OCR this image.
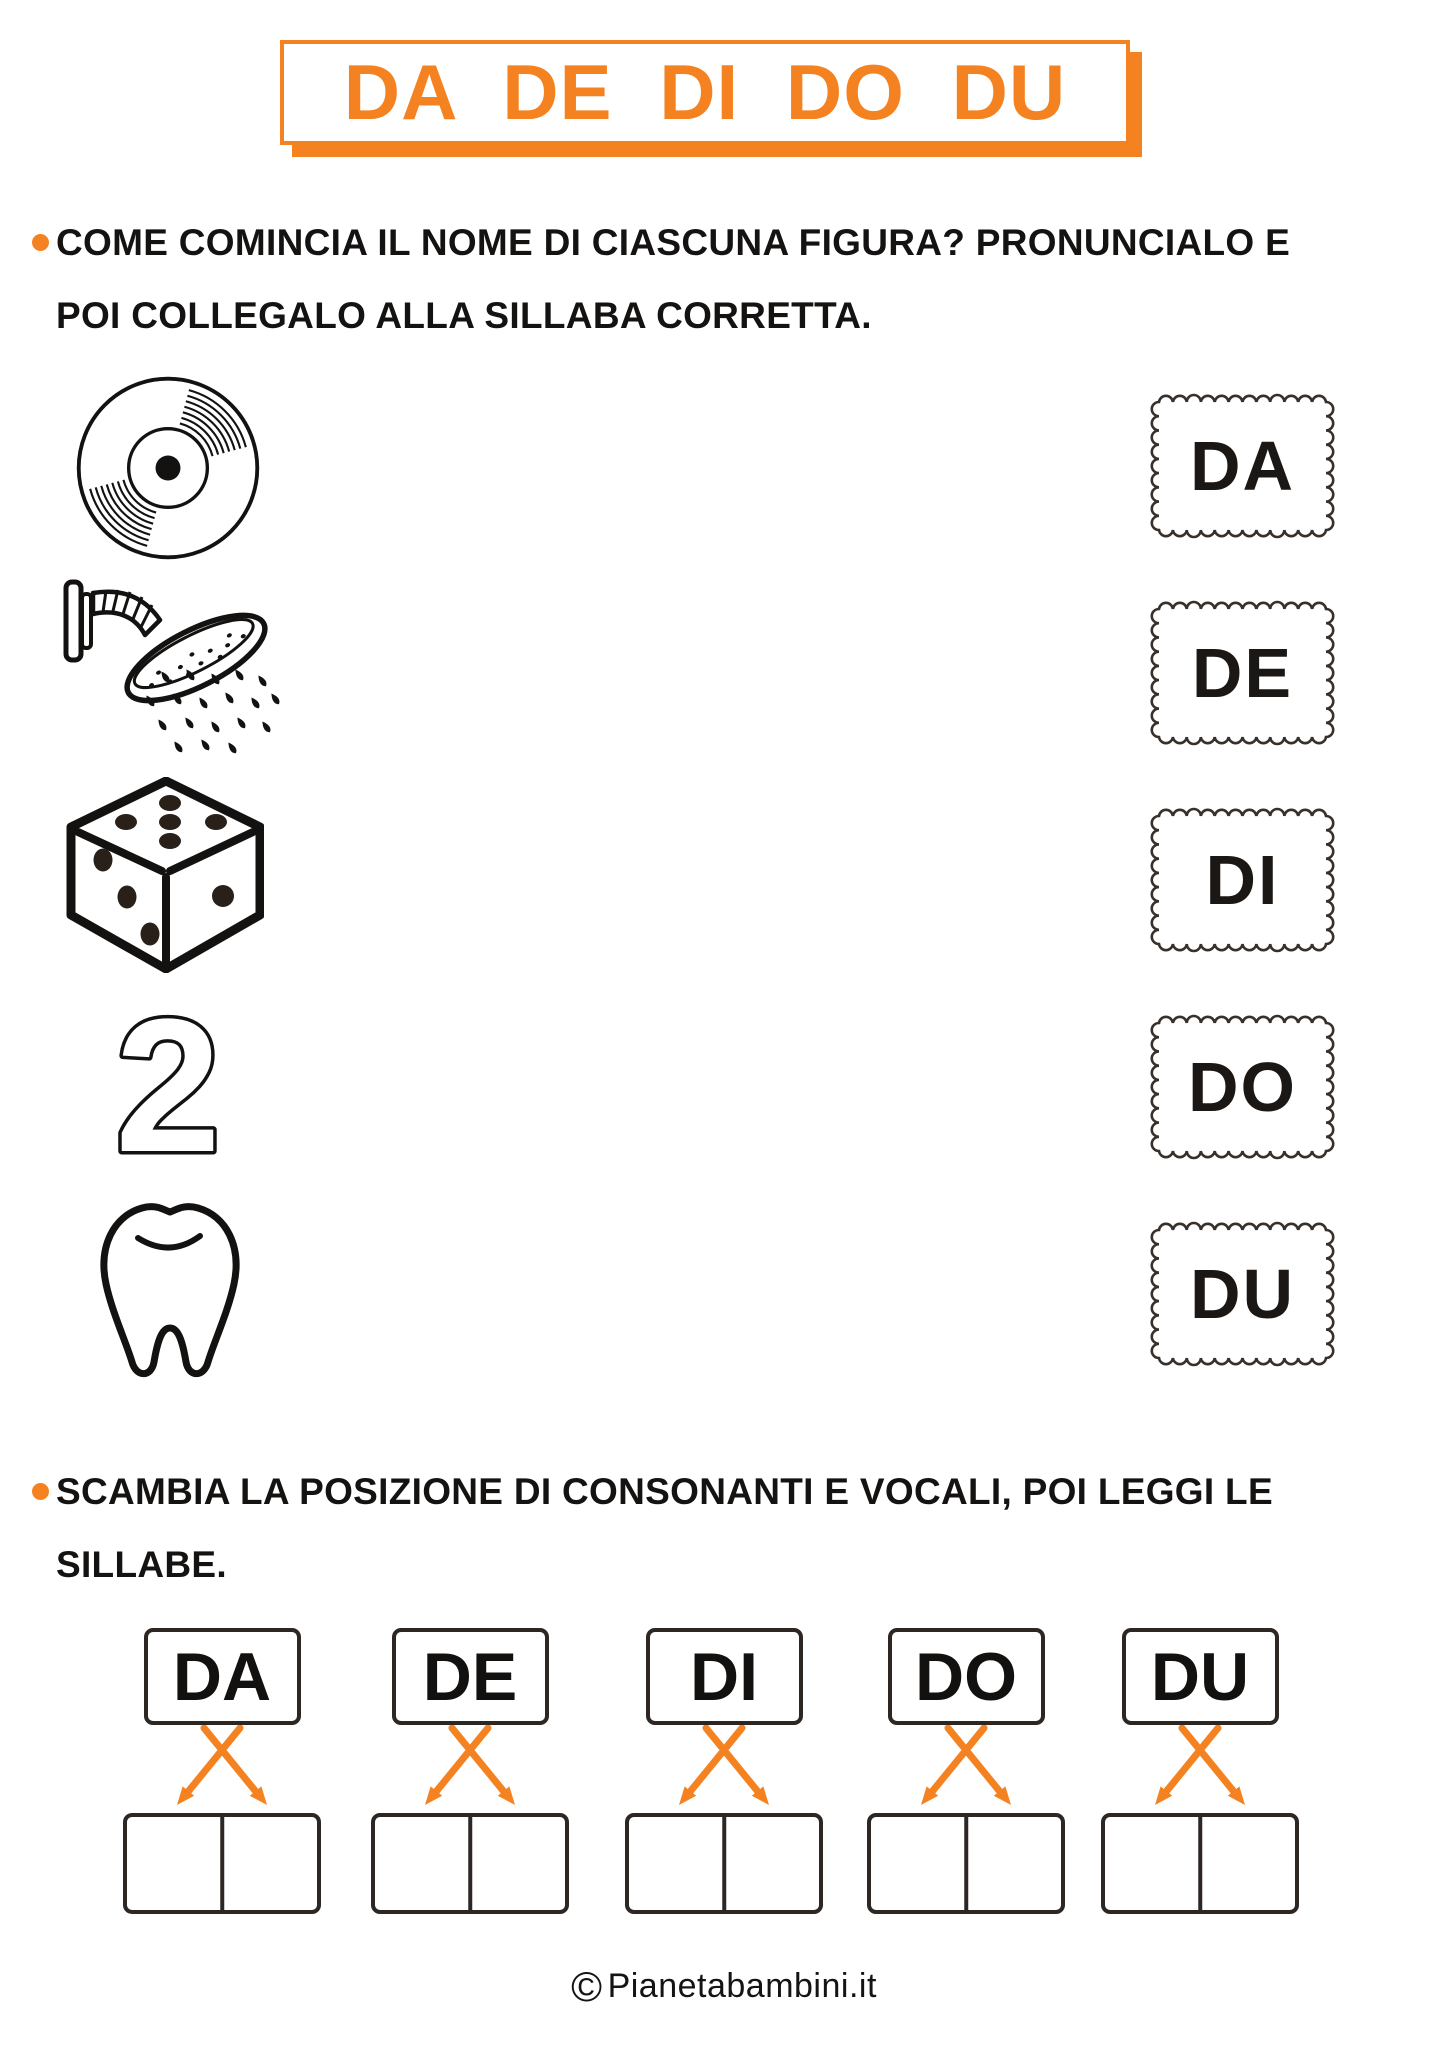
DA DE DI DO DU
COME COMINCIA IL NOME DI CIASCUNA FIGURA? PRONUNCIALO E
POI COLLEGALO ALLA SILLABA CORRETTA.
2
DA
DE
DI
DO
DU
SCAMBIA LA POSIZIONE DI CONSONANTI E VOCALI, POI LEGGI LE
SILLABE.
DA	DE	DI	DO	DU
© Pianetabambini.it
